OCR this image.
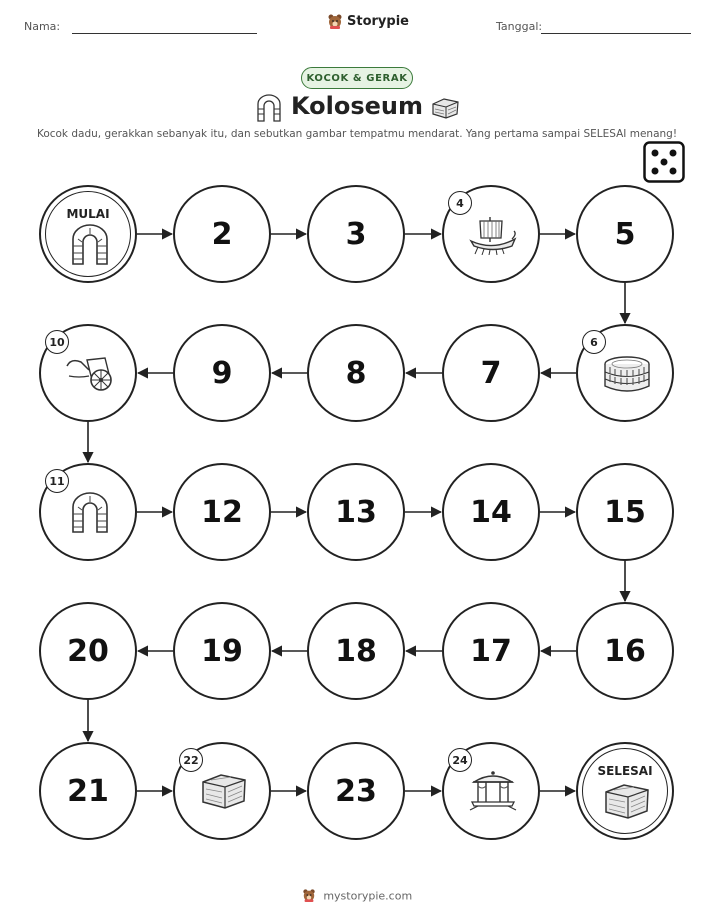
Nama:	Storypie	Tanggal:
KOCOK & GERAK
Koloseum
Kocok dadu, gerakkan sebanyak itu, dan sebutkan gambar tempatmu mendarat. Yang pertama sampai SELESAI menang!
MULAI
2	3
4
5
6
7
8
9
10
11
12	13	14	15
16
17
18
19
20
21
22
23
24
SELESAI
mystorypie.com
